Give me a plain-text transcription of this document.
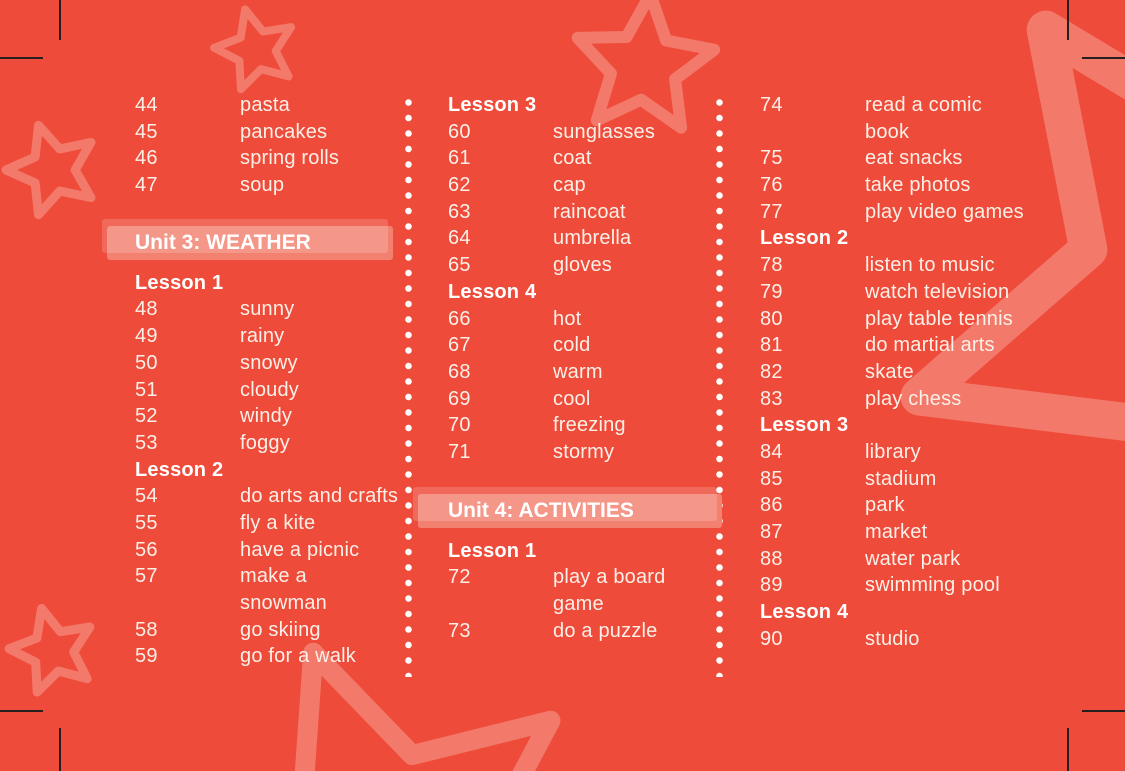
44	pasta
45	pancakes
46	spring rolls
47	soup
Unit 3: WEATHER
Lesson 1
48	sunny
49	rainy
50	snowy
51	cloudy
52	windy
53	foggy
Lesson 2
54	do arts and crafts
55	fly a kite
56	have a picnic
57	make a
snowman
58	go skiing
59	go for a walk
Lesson 3
60	sunglasses
61	coat
62	cap
63	raincoat
64	umbrella
65	gloves
Lesson 4
66	hot
67	cold
68	warm
69	cool
70	freezing
71	stormy
Unit 4: ACTIVITIES
Lesson 1
72	play a board
game
73	do a puzzle
74	read a comic
book
75	eat snacks
76	take photos
77	play video games
Lesson 2
78	listen to music
79	watch television
80	play table tennis
81	do martial arts
82	skate
83	play chess
Lesson 3
84	library
85	stadium
86	park
87	market
88	water park
89	swimming pool
Lesson 4
90	studio
